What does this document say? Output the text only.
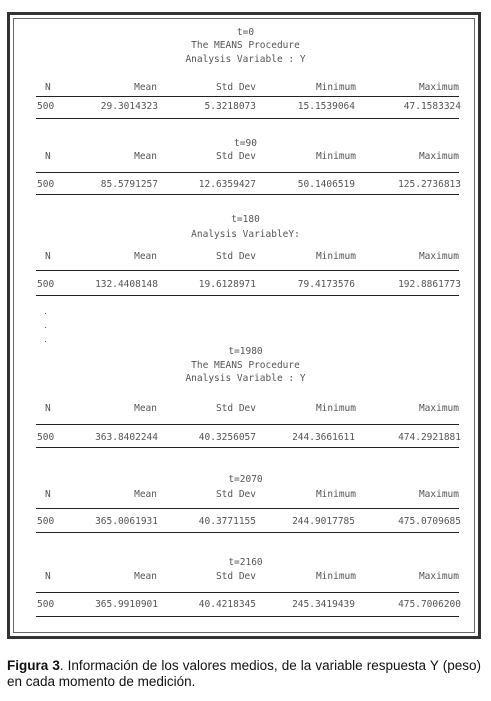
t=0
The MEANS Procedure
Analysis Variable : Y
N	Mean	Std Dev	Minimum	Maximum
500	29.3014323	5.3218073	15.1539064	47.1583324
t=90
N	Mean	Std Dev	Minimum	Maximum
500	85.5791257	12.6359427	50.1406519	125.2736813
t=180
Analysis VariableY:
N	Mean	Std Dev	Minimum	Maximum
500	132.4408148	19.6128971	79.4173576	192.8861773
t=1980
The MEANS Procedure
Analysis Variable : Y
N	Mean	Std Dev	Minimum	Maximum
500	363.8402244	40.3256057	244.3661611	474.2921881
t=2070
N	Mean	Std Dev	Minimum	Maximum
500	365.0061931	40.3771155	244.9017785	475.0709685
t=2160
N	Mean	Std Dev	Minimum	Maximum
500	365.9910901	40.4218345	245.3419439	475.7006200
.
.
.
Figura 3. Información de los valores medios, de la variable respuesta Y (peso) en cada momento de medición.
